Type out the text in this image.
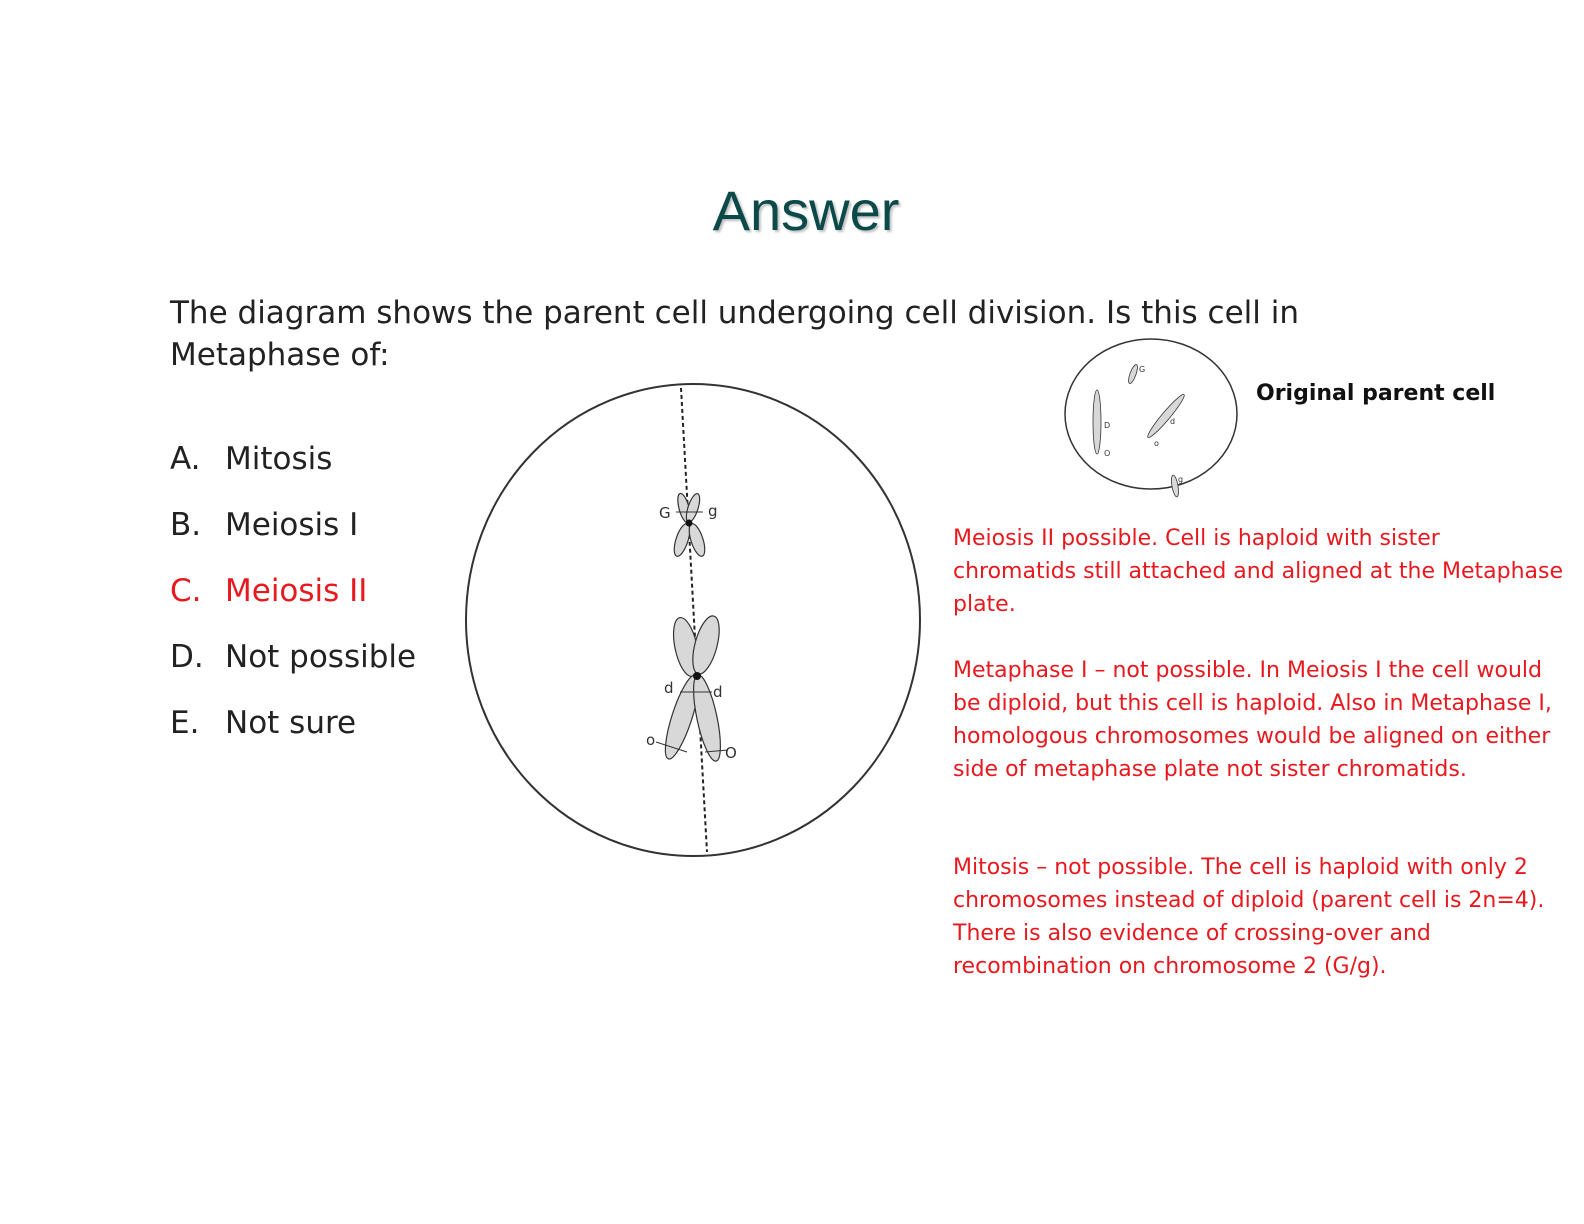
Answer
The diagram shows the parent cell undergoing cell division. Is this cell in Metaphase of:
A. Mitosis
B. Meiosis I
C. Meiosis II
D. Not possible
E. Not sure
G g
d	d
o
O
G
D
O
d
o
g
Original parent cell
Meiosis II possible. Cell is haploid with sister chromatids still attached and aligned at the Metaphase plate.
Metaphase I – not possible. In Meiosis I the cell would be diploid, but this cell is haploid. Also in Metaphase I, homologous chromosomes would be aligned on either side of metaphase plate not sister chromatids.
Mitosis – not possible. The cell is haploid with only 2 chromosomes instead of diploid (parent cell is 2n=4). There is also evidence of crossing-over and recombination on chromosome 2 (G/g).
